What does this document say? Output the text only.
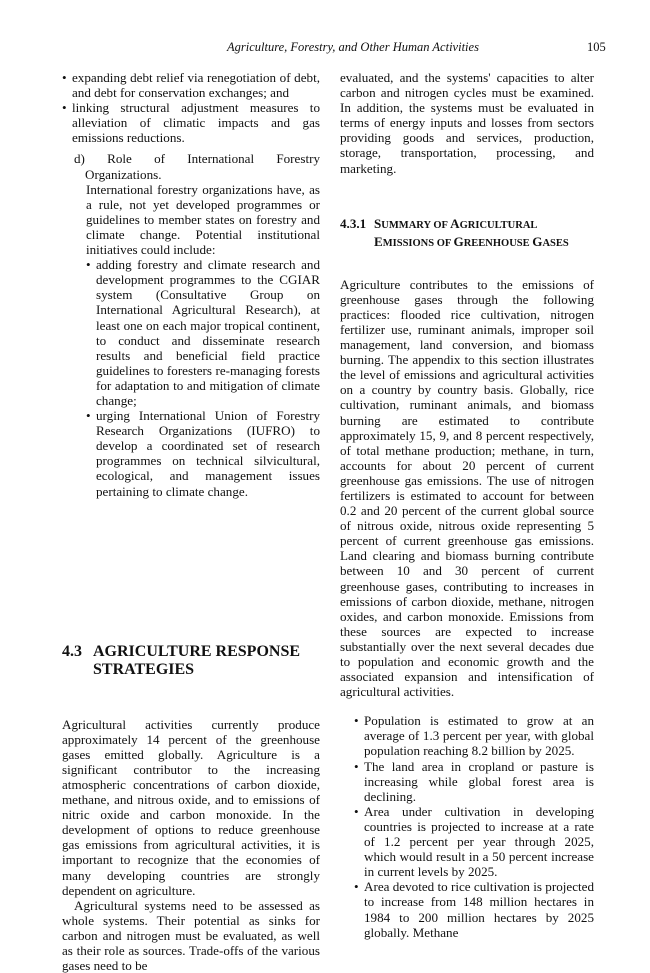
Agriculture, Forestry, and Other Human Activities	105
• expanding debt relief via renegotiation of debt, and debt for conservation exchanges; and
• linking structural adjustment measures to alleviation of climatic impacts and gas emissions reductions.
d) Role of International Forestry Organizations.
International forestry organizations have, as a rule, not yet developed programmes or guidelines to member states on forestry and climate change. Potential institutional initiatives could include:
• adding forestry and climate research and development programmes to the CGIAR system (Consultative Group on International Agricultural Research), at least one on each major tropical continent, to conduct and disseminate research results and beneficial field practice guidelines to foresters re-managing forests for adaptation to and mitigation of climate change;
• urging International Union of Forestry Research Organizations (IUFRO) to develop a coordinated set of research programmes on technical silvicultural, ecological, and management issues pertaining to climate change.
4.3 AGRICULTURE RESPONSE
STRATEGIES

Agricultural activities currently produce approximately 14 percent of the greenhouse gases emitted globally. Agriculture is a significant contributor to the increasing atmospheric concentrations of carbon dioxide, methane, and nitrous oxide, and to emissions of nitric oxide and carbon monoxide. In the development of options to reduce greenhouse gas emissions from agricultural activities, it is important to recognize that the economies of many developing countries are strongly dependent on agriculture.

Agricultural systems need to be assessed as whole systems. Their potential as sinks for carbon and nitrogen must be evaluated, as well as their role as sources. Trade-offs of the various gases need to be

evaluated, and the systems' capacities to alter carbon and nitrogen cycles must be examined. In addition, the systems must be evaluated in terms of energy inputs and losses from sectors providing goods and services, production, storage, transportation, processing, and marketing.

4.3.1 SUMMARY OF AGRICULTURAL
EMISSIONS OF GREENHOUSE GASES

Agriculture contributes to the emissions of greenhouse gases through the following practices: flooded rice cultivation, nitrogen fertilizer use, ruminant animals, improper soil management, land conversion, and biomass burning. The appendix to this section illustrates the level of emissions and agricultural activities on a country by country basis. Globally, rice cultivation, ruminant animals, and biomass burning are estimated to contribute approximately 15, 9, and 8 percent respectively, of total methane production; methane, in turn, accounts for about 20 percent of current greenhouse gas emissions. The use of nitrogen fertilizers is estimated to account for between 0.2 and 20 percent of the current global source of nitrous oxide, nitrous oxide representing 5 percent of current greenhouse gas emissions. Land clearing and biomass burning contribute between 10 and 30 percent of current greenhouse gases, contributing to increases in emissions of carbon dioxide, methane, nitrogen oxides, and carbon monoxide. Emissions from these sources are expected to increase substantially over the next several decades due to population and economic growth and the associated expansion and intensification of agricultural activities.

• Population is estimated to grow at an average of 1.3 percent per year, with global population reaching 8.2 billion by 2025.
• The land area in cropland or pasture is increasing while global forest area is declining.
• Area under cultivation in developing countries is projected to increase at a rate of 1.2 percent per year through 2025, which would result in a 50 percent increase in current levels by 2025.
• Area devoted to rice cultivation is projected to increase from 148 million hectares in 1984 to 200 million hectares by 2025 globally. Methane
